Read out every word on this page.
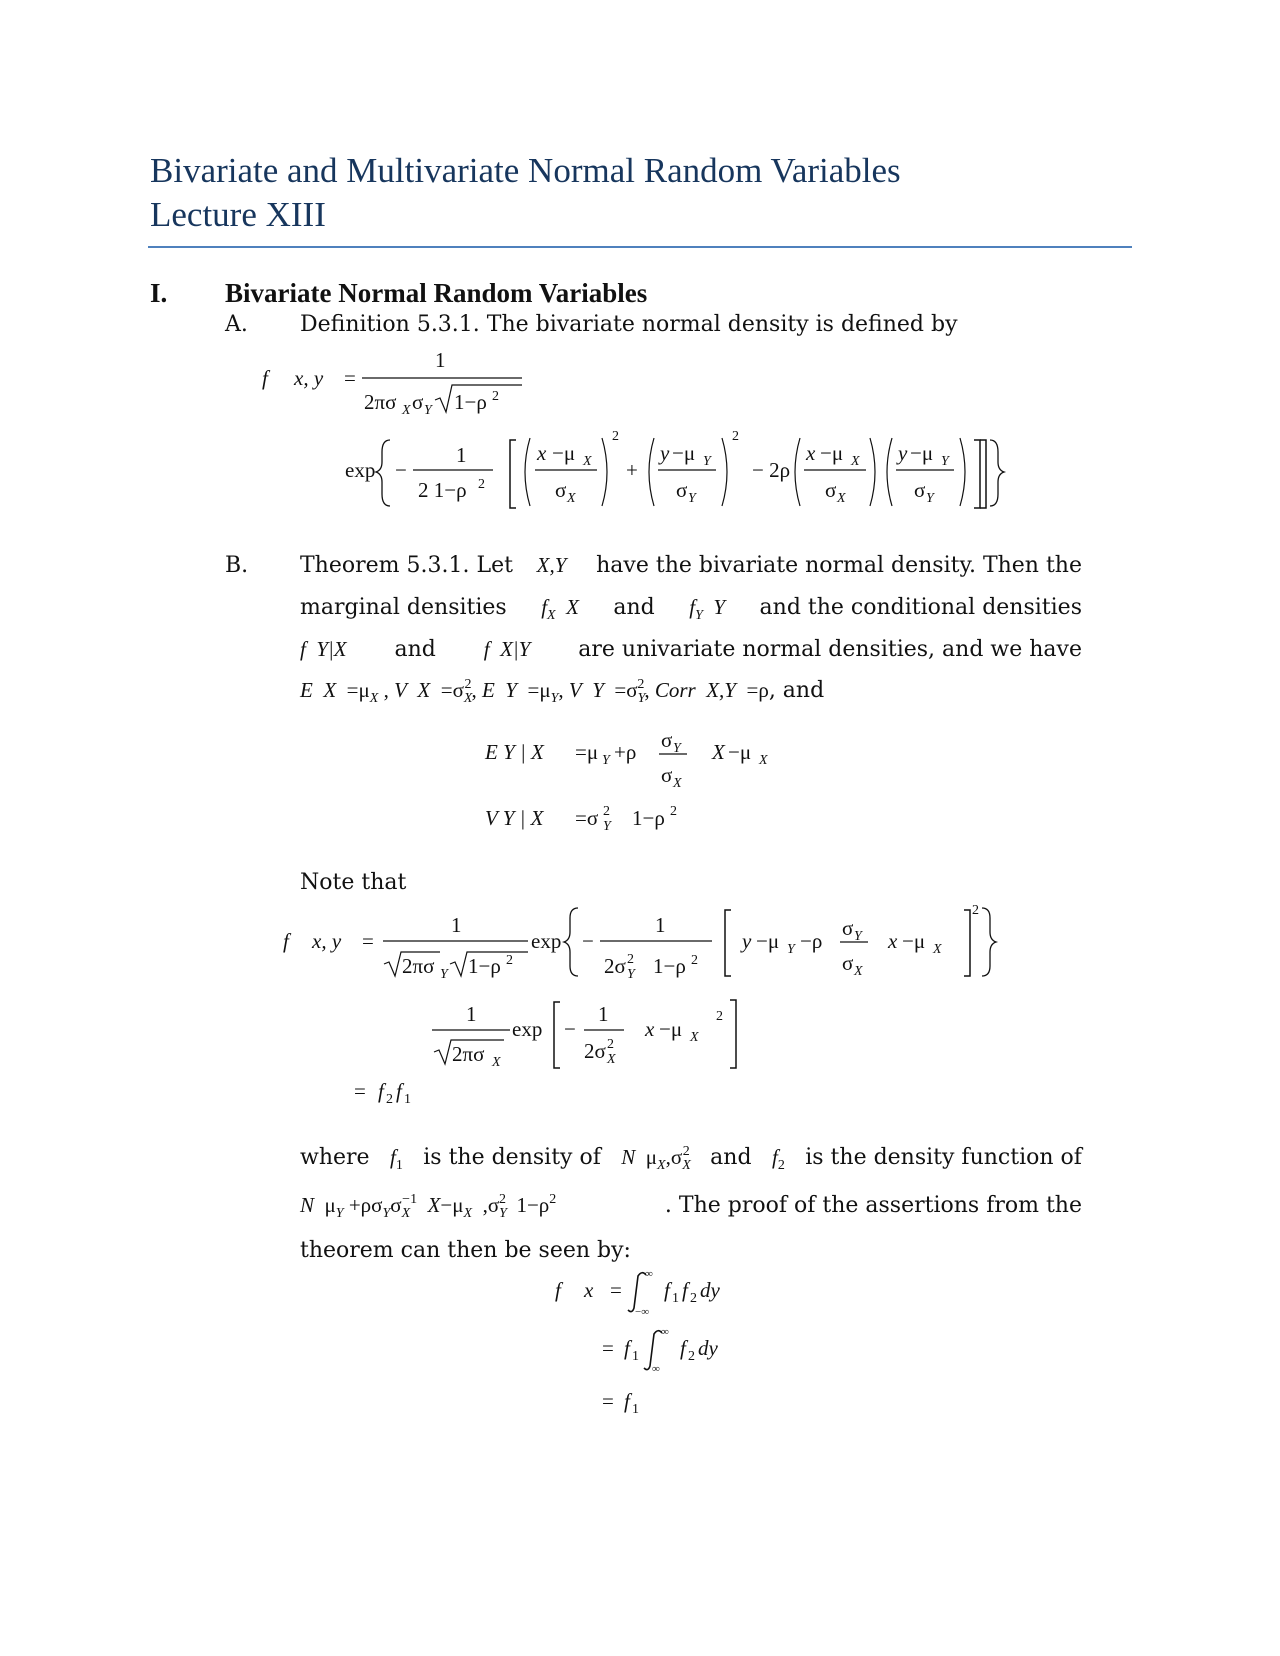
Bivariate and Multivariate Normal Random Variables
Lecture XIII
I. Bivariate Normal Random Variables
A. Definition 5.3.1. The bivariate normal density is defined by
f x, y =
1
2πσ X σ Y 1−ρ 2
exp −
1
2 1−ρ 2
x −μ X
σ X
2
+
y −μ Y
σ Y
2
− 2ρ
x −μ X
σ X
y −μ Y
σ Y
B. Theorem 5.3.1. Let X,Y have the bivariate normal density. Then the
marginal densities $f_X$  X and $f_Y$  Y and the conditional densities
f  Y|X and f  X|Y are univariate normal densities, and we have
E  $X =\mu_X$ , V  $X =\sigma_X^2$, E  $Y =\mu_Y$, V  $Y =\sigma_Y^2$, Corr  X,Y  =ρ, and
E Y | X =μ Y +ρ σ Y
σ X
X −μ X
V Y | X =σ Y
2 1−ρ 2
Note that
f x, y =
1
2πσ Y 1−ρ 2
exp −
1
2σ Y
2 1−ρ 2
y −μ Y −ρ
σ Y
σ X
x −μ X
2
1
2πσ X
exp −
1
2σ X
2
x −μ X
2
= f 2 f 1
where $f_1$ is the density of N  $\mu_X,\sigma_X^2$ and $f_2$ is the density function of
N  $\mu_Y +\rho\sigma_Y\sigma_X^{-1}$ $X-\mu_X$  $,\sigma_Y^2$  $1-\rho^2$	. The proof of the assertions from the
theorem can then be seen by:
f x =
∞
−∞
f 1 f 2 dy
= f 1
∞
∞
f 2 dy
= f 1
